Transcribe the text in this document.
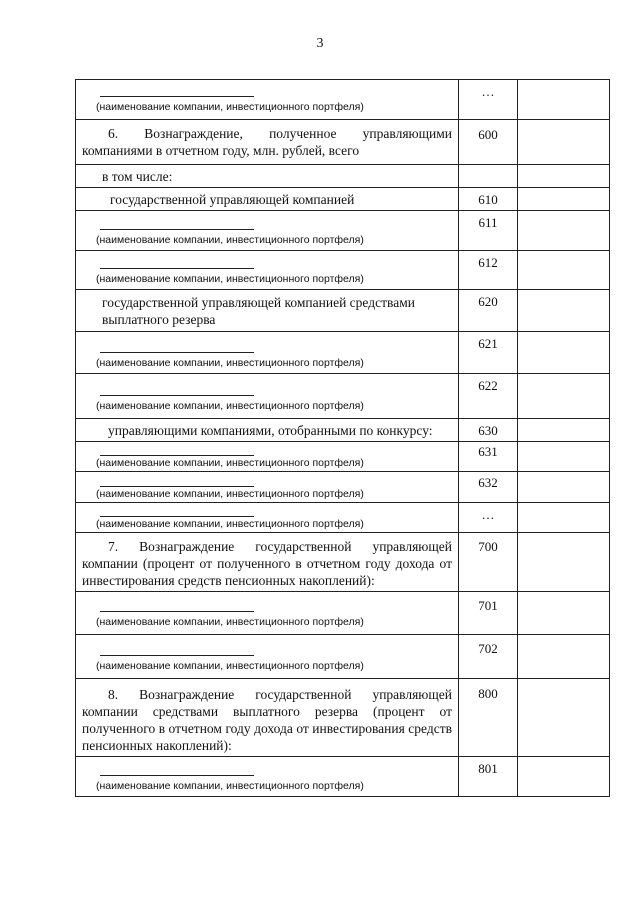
3
(наименование компании, инвестиционного портфеля)	…	

6. Вознаграждение, полученное управляющими компаниями в отчетном году, млн. рублей, всего	600	

в том числе:		

государственной управляющей компанией	610	

(наименование компании, инвестиционного портфеля)	611	

(наименование компании, инвестиционного портфеля)	612	

государственной управляющей компанией средствами выплатного резерва	620	

(наименование компании, инвестиционного портфеля)	621	

(наименование компании, инвестиционного портфеля)	622	

управляющими компаниями, отобранными по конкурсу:	630	

(наименование компании, инвестиционного портфеля)	631	

(наименование компании, инвестиционного портфеля)	632	

(наименование компании, инвестиционного портфеля)	…	

7. Вознаграждение государственной управляющей компании (процент от полученного в отчетном году дохода от инвестирования средств пенсионных накоплений):	700	

(наименование компании, инвестиционного портфеля)	701	

(наименование компании, инвестиционного портфеля)	702	

8. Вознаграждение государственной управляющей компании средствами выплатного резерва (процент от полученного в отчетном году дохода от инвестирования средств пенсионных накоплений):	800	

(наименование компании, инвестиционного портфеля)	801	
